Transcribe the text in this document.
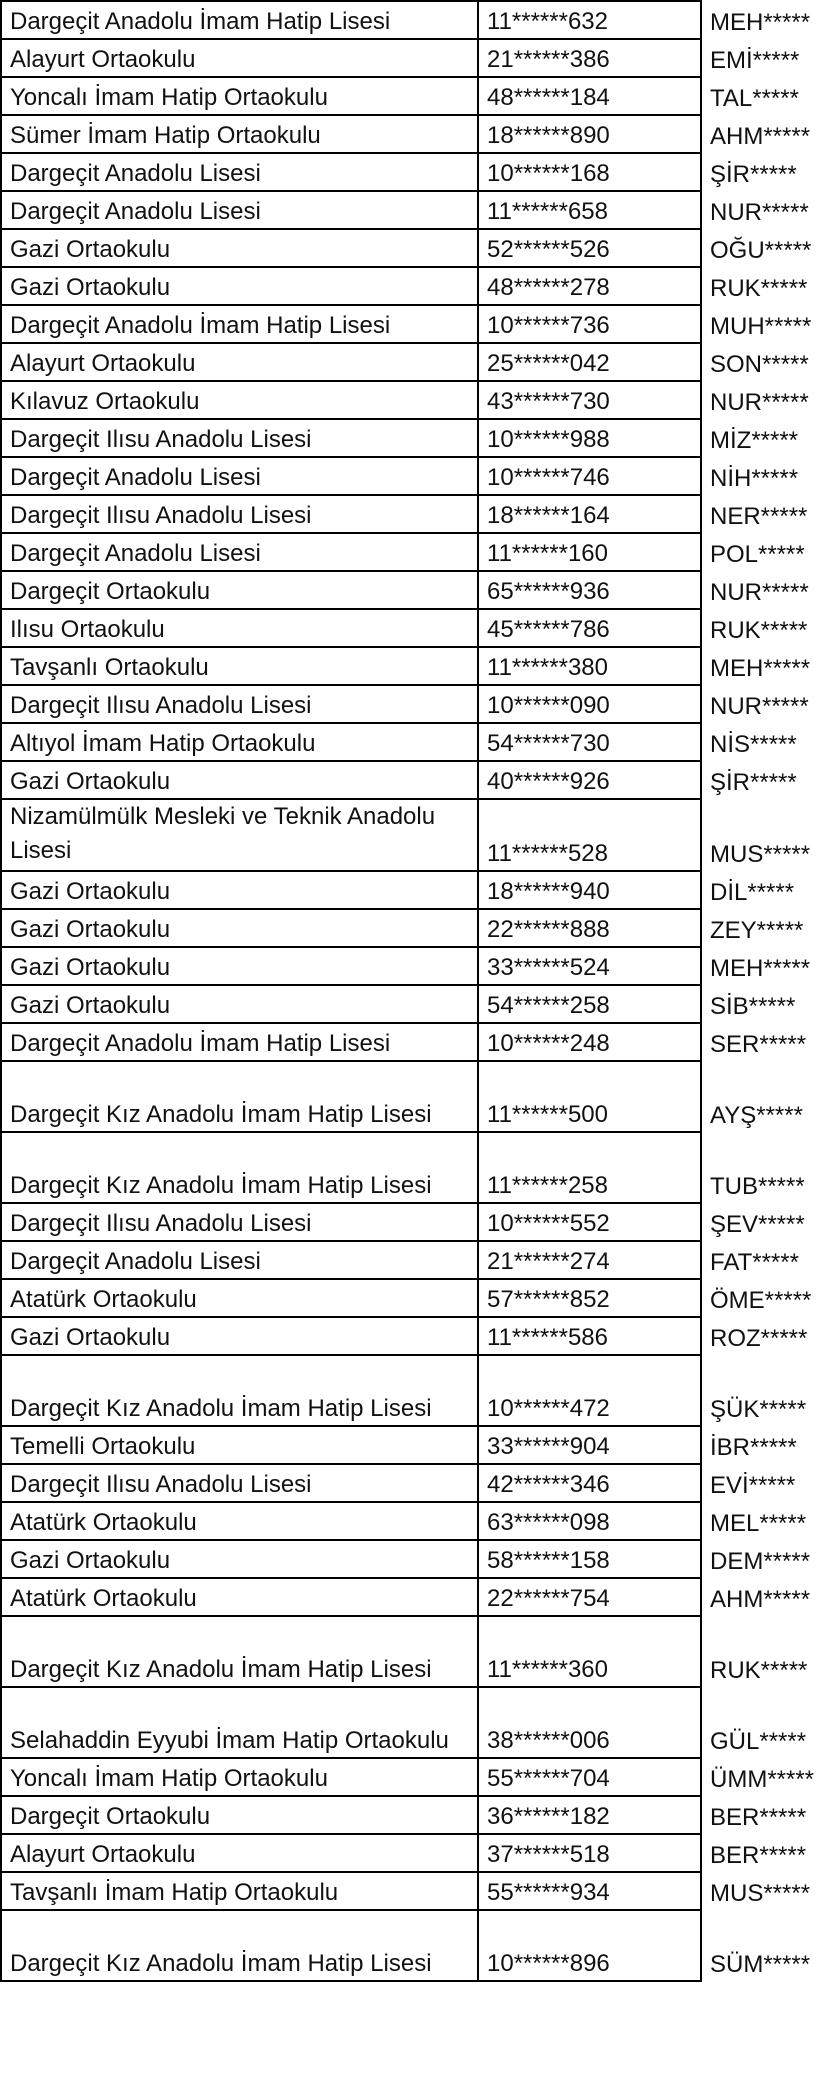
Dargeçit Anadolu İmam Hatip Lisesi	11******632	MEH*****
Alayurt Ortaokulu	21******386	EMİ*****
Yoncalı İmam Hatip Ortaokulu	48******184	TAL*****
Sümer İmam Hatip Ortaokulu	18******890	AHM*****
Dargeçit Anadolu Lisesi	10******168	ŞİR*****
Dargeçit Anadolu Lisesi	11******658	NUR*****
Gazi Ortaokulu	52******526	OĞU*****
Gazi Ortaokulu	48******278	RUK*****
Dargeçit Anadolu İmam Hatip Lisesi	10******736	MUH*****
Alayurt Ortaokulu	25******042	SON*****
Kılavuz Ortaokulu	43******730	NUR*****
Dargeçit Ilısu Anadolu Lisesi	10******988	MİZ*****
Dargeçit Anadolu Lisesi	10******746	NİH*****
Dargeçit Ilısu Anadolu Lisesi	18******164	NER*****
Dargeçit Anadolu Lisesi	11******160	POL*****
Dargeçit Ortaokulu	65******936	NUR*****
Ilısu Ortaokulu	45******786	RUK*****
Tavşanlı Ortaokulu	11******380	MEH*****
Dargeçit Ilısu Anadolu Lisesi	10******090	NUR*****
Altıyol İmam Hatip Ortaokulu	54******730	NİS*****
Gazi Ortaokulu	40******926	ŞİR*****
Nizamülmülk Mesleki ve Teknik Anadolu Lisesi	11******528	MUS*****
Gazi Ortaokulu	18******940	DİL*****
Gazi Ortaokulu	22******888	ZEY*****
Gazi Ortaokulu	33******524	MEH*****
Gazi Ortaokulu	54******258	SİB*****
Dargeçit Anadolu İmam Hatip Lisesi	10******248	SER*****
Dargeçit Kız Anadolu İmam Hatip Lisesi	11******500	AYŞ*****
Dargeçit Kız Anadolu İmam Hatip Lisesi	11******258	TUB*****
Dargeçit Ilısu Anadolu Lisesi	10******552	ŞEV*****
Dargeçit Anadolu Lisesi	21******274	FAT*****
Atatürk Ortaokulu	57******852	ÖME*****
Gazi Ortaokulu	11******586	ROZ*****
Dargeçit Kız Anadolu İmam Hatip Lisesi	10******472	ŞÜK*****
Temelli Ortaokulu	33******904	İBR*****
Dargeçit Ilısu Anadolu Lisesi	42******346	EVİ*****
Atatürk Ortaokulu	63******098	MEL*****
Gazi Ortaokulu	58******158	DEM*****
Atatürk Ortaokulu	22******754	AHM*****
Dargeçit Kız Anadolu İmam Hatip Lisesi	11******360	RUK*****
Selahaddin Eyyubi İmam Hatip Ortaokulu	38******006	GÜL*****
Yoncalı İmam Hatip Ortaokulu	55******704	ÜMM*****
Dargeçit Ortaokulu	36******182	BER*****
Alayurt Ortaokulu	37******518	BER*****
Tavşanlı İmam Hatip Ortaokulu	55******934	MUS*****
Dargeçit Kız Anadolu İmam Hatip Lisesi	10******896	SÜM*****
